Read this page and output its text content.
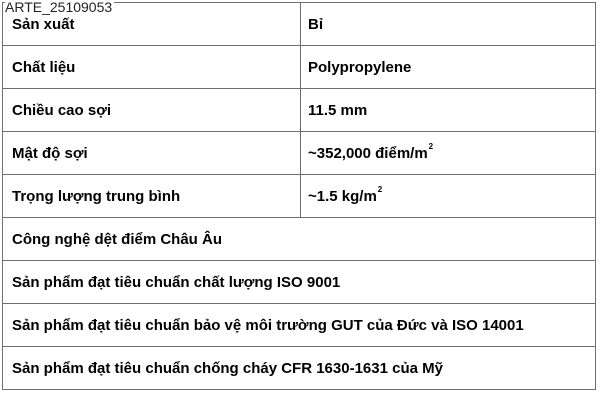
ARTE_25109053
Sản xuất	Bỉ
Chất liệu	Polypropylene
Chiều cao sợi	11.5 mm
Mật độ sợi	~352,000 điểm/$m^2$
Trọng lượng trung bình	~1.5 $kg/m^2$
Công nghệ dệt điểm Châu Âu	
Sản phẩm đạt tiêu chuẩn chất lượng ISO 9001	
Sản phẩm đạt tiêu chuẩn bảo vệ môi trường GUT của Đức và ISO 14001	
Sản phẩm đạt tiêu chuẩn chống cháy CFR 1630-1631 của Mỹ	
